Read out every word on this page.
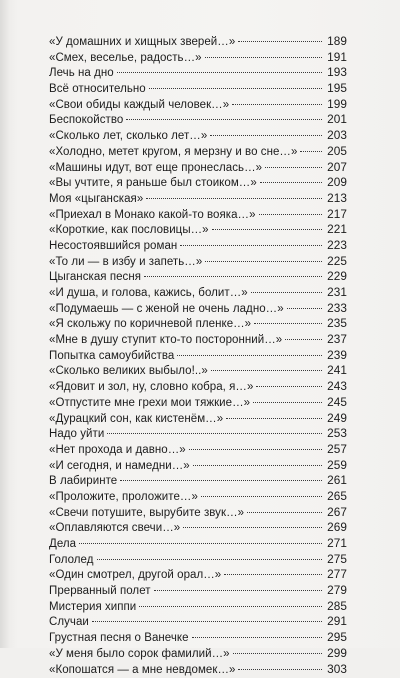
«У домашних и хищных зверей…»	189
«Смех, веселье, радость…»	191
Лечь на дно	193
Всё относительно	195
«Свои обиды каждый человек…»	199
Беспокойство	201
«Сколько лет, сколько лет…»	203
«Холодно, метет кругом, я мерзну и во сне…»	205
«Машины идут, вот еще пронеслась…»	207
«Вы учтите, я раньше был стоиком…»	209
Моя «цыганская»	213
«Приехал в Монако какой-то вояка…»	217
«Короткие, как пословицы…»	221
Несостоявшийся роман	223
«То ли — в избу и запеть…»	225
Цыганская песня	229
«И душа, и голова, кажись, болит…»	231
«Подумаешь — с женой не очень ладно…»	233
«Я скольжу по коричневой пленке…»	235
«Мне в душу ступит кто-то посторонний…»	237
Попытка самоубийства	239
«Сколько великих выбыло!..»	241
«Ядовит и зол, ну, словно кобра, я…»	243
«Отпустите мне грехи мои тяжкие…»	245
«Дурацкий сон, как кистенём…»	249
Надо уйти	253
«Нет прохода и давно…»	257
«И сегодня, и намедни…»	259
В лабиринте	261
«Проложите, проложите…»	265
«Свечи потушите, вырубите звук…»	267
«Оплавляются свечи…»	269
Дела	271
Гололед	275
«Один смотрел, другой орал…»	277
Прерванный полет	279
Мистерия хиппи	285
Случаи	291
Грустная песня о Ванечке	295
«У меня было сорок фамилий…»	299
«Копошатся — а мне невдомек…»	303
